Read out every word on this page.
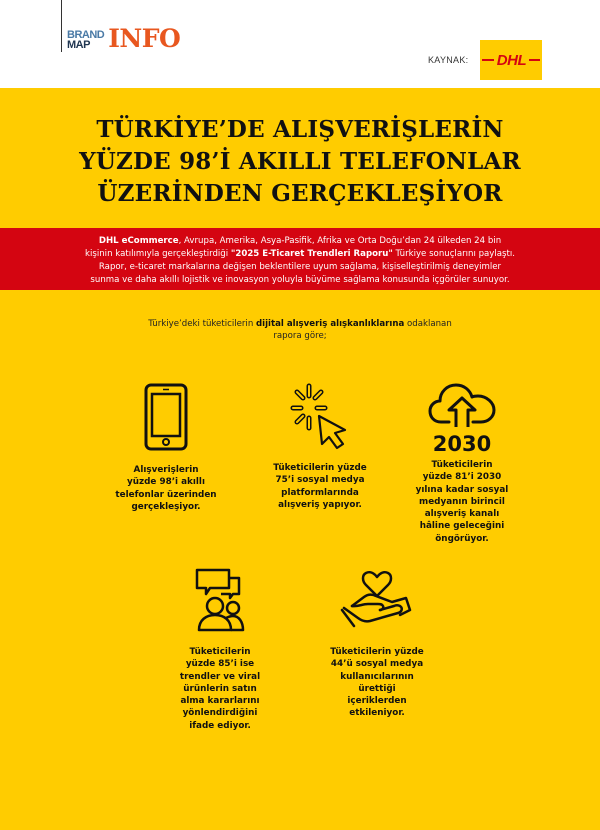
BRAND
MAP INFO
KAYNAK: DHL
TÜRKİYE’DE ALIŞVERİŞLERİN
YÜZDE 98’İ AKILLI TELEFONLAR
ÜZERİNDEN GERÇEKLEŞİYOR
DHL eCommerce, Avrupa, Amerika, Asya-Pasifik, Afrika ve Orta Doğu’dan 24 ülkeden 24 bin
kişinin katılımıyla gerçekleştirdiği "2025 E-Ticaret Trendleri Raporu" Türkiye sonuçlarını paylaştı.
Rapor, e-ticaret markalarına değişen beklentilere uyum sağlama, kişiselleştirilmiş deneyimler
sunma ve daha akıllı lojistik ve inovasyon yoluyla büyüme sağlama konusunda içgörüler sunuyor.
Türkiye’deki tüketicilerin dijital alışveriş alışkanlıklarına odaklanan
rapora göre;
Alışverişlerin
yüzde 98’i akıllı
telefonlar üzerinden
gerçekleşiyor.
Tüketicilerin yüzde
75’i sosyal medya
platformlarında
alışveriş yapıyor.
2030
Tüketicilerin
yüzde 81’i 2030
yılına kadar sosyal
medyanın birincil
alışveriş kanalı
hâline geleceğini
öngörüyor.
Tüketicilerin
yüzde 85’i ise
trendler ve viral
ürünlerin satın
alma kararlarını
yönlendirdiğini
ifade ediyor.
Tüketicilerin yüzde
44’ü sosyal medya
kullanıcılarının
ürettiği
içeriklerden
etkileniyor.
